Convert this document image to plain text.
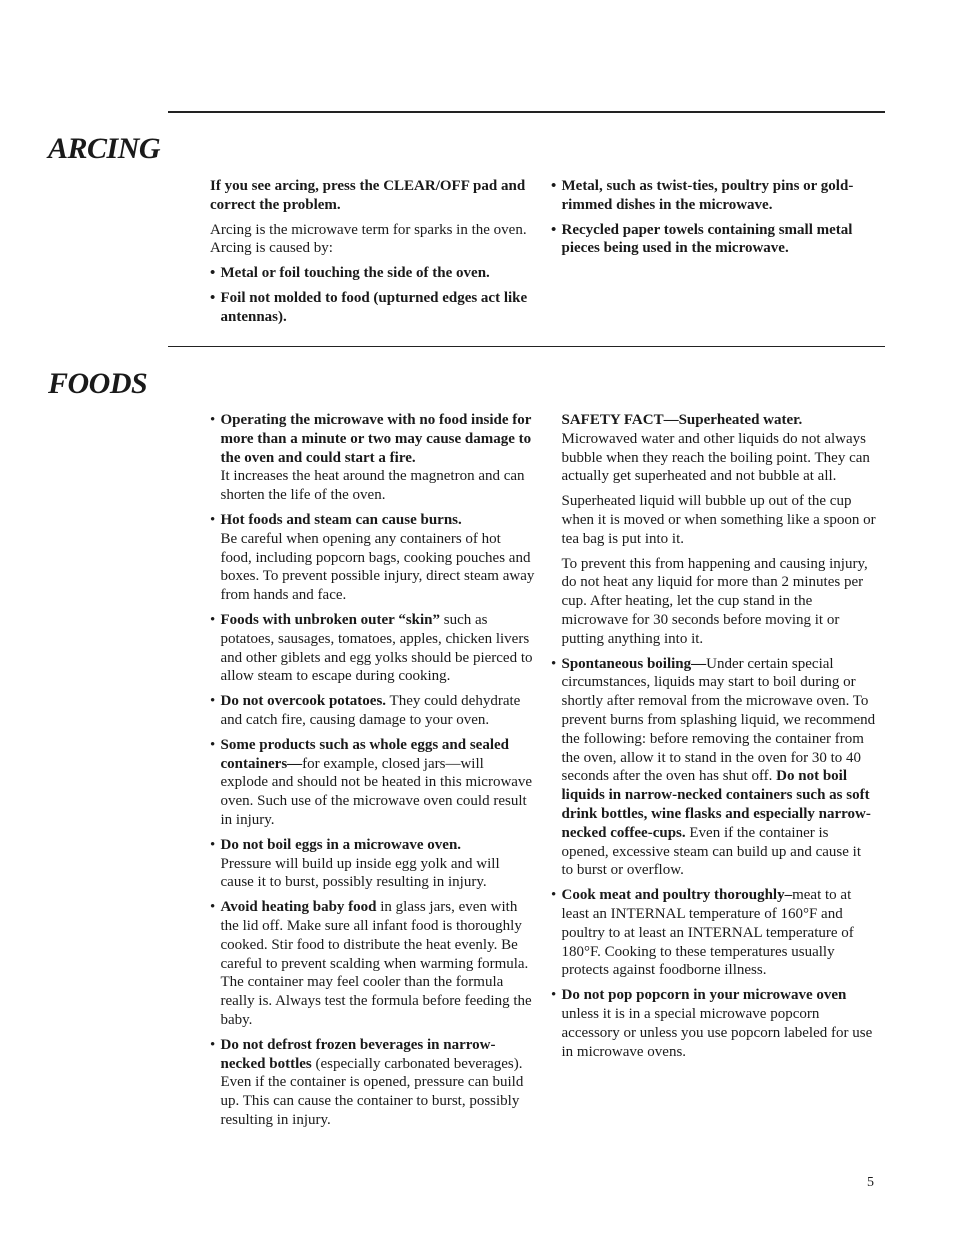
ARCING

If you see arcing, press the CLEAR/OFF pad and correct the problem.

Arcing is the microwave term for sparks in the oven. Arcing is caused by:

• Metal or foil touching the side of the oven.
• Foil not molded to food (upturned edges act like antennas).
• Metal, such as twist-ties, poultry pins or gold-rimmed dishes in the microwave.
• Recycled paper towels containing small metal pieces being used in the microwave.
FOODS
• Operating the microwave with no food inside for more than a minute or two may cause damage to the oven and could start a fire.
It increases the heat around the magnetron and can shorten the life of the oven.
• Hot foods and steam can cause burns.
Be careful when opening any containers of hot food, including popcorn bags, cooking pouches and boxes. To prevent possible injury, direct steam away from hands and face.
• Foods with unbroken outer “skin” such as potatoes, sausages, tomatoes, apples, chicken livers and other giblets and egg yolks should be pierced to allow steam to escape during cooking.
• Do not overcook potatoes. They could dehydrate and catch fire, causing damage to your oven.
• Some products such as whole eggs and sealed containers—for example, closed jars—will explode and should not be heated in this microwave oven. Such use of the microwave oven could result in injury.
• Do not boil eggs in a microwave oven.
Pressure will build up inside egg yolk and will cause it to burst, possibly resulting in injury.
• Avoid heating baby food in glass jars, even with the lid off. Make sure all infant food is thoroughly cooked. Stir food to distribute the heat evenly. Be careful to prevent scalding when warming formula. The container may feel cooler than the formula really is. Always test the formula before feeding the baby.
• Do not defrost frozen beverages in narrow-necked bottles (especially carbonated beverages). Even if the container is opened, pressure can build up. This can cause the container to burst, possibly resulting in injury.

SAFETY FACT—Superheated water.
Microwaved water and other liquids do not always bubble when they reach the boiling point. They can actually get superheated and not bubble at all.

Superheated liquid will bubble up out of the cup when it is moved or when something like a spoon or tea bag is put into it.

To prevent this from happening and causing injury, do not heat any liquid for more than 2 minutes per cup. After heating, let the cup stand in the microwave for 30 seconds before moving it or putting anything into it.

• Spontaneous boiling—Under certain special circumstances, liquids may start to boil during or shortly after removal from the microwave oven. To prevent burns from splashing liquid, we recommend the following: before removing the container from the oven, allow it to stand in the oven for 30 to 40 seconds after the oven has shut off. Do not boil liquids in narrow-necked containers such as soft drink bottles, wine flasks and especially narrow-necked coffee-cups. Even if the container is opened, excessive steam can build up and cause it to burst or overflow.
• Cook meat and poultry thoroughly–meat to at least an INTERNAL temperature of 160°F and poultry to at least an INTERNAL temperature of 180°F. Cooking to these temperatures usually protects against foodborne illness.
• Do not pop popcorn in your microwave oven unless it is in a special microwave popcorn accessory or unless you use popcorn labeled for use in microwave ovens.
5
